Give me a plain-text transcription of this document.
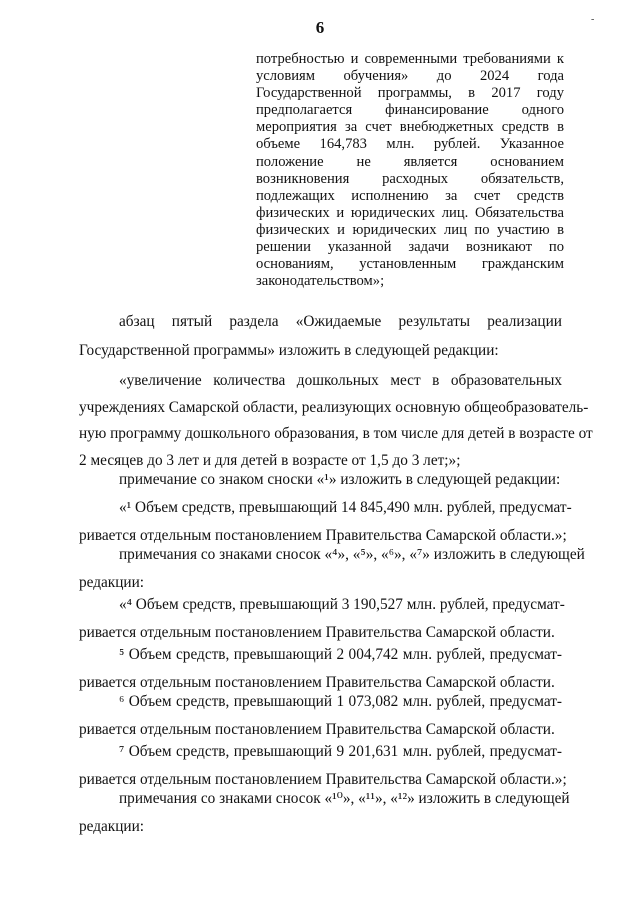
6	-
потребностью и современными требованиями к
условиям обучения» до 2024 года
Государственной программы, в 2017 году
предполагается финансирование одного
мероприятия за счет внебюджетных средств в
объеме 164,783 млн. рублей. Указанное
положение не является основанием
возникновения расходных обязательств,
подлежащих исполнению за счет средств
физических и юридических лиц. Обязательства
физических и юридических лиц по участию в
решении указанной задачи возникают по
основаниям, установленным гражданским
законодательством»;
абзац пятый раздела «Ожидаемые результаты реализации
Государственной программы» изложить в следующей редакции:
«увеличение количества дошкольных мест в образовательных
учреждениях Самарской области, реализующих основную общеобразователь-
ную программу дошкольного образования, в том числе для детей в возрасте от
2 месяцев до 3 лет и для детей в возрасте от 1,5 до 3 лет;»;
примечание со знаком сноски «¹» изложить в следующей редакции:
«¹ Объем средств, превышающий 14 845,490 млн. рублей, предусмат-
ривается отдельным постановлением Правительства Самарской области.»;
примечания со знаками сносок «⁴», «⁵», «⁶», «⁷» изложить в следующей
редакции:
«⁴ Объем средств, превышающий 3 190,527 млн. рублей, предусмат-
ривается отдельным постановлением Правительства Самарской области.
⁵ Объем средств, превышающий 2 004,742 млн. рублей, предусмат-
ривается отдельным постановлением Правительства Самарской области.
⁶ Объем средств, превышающий 1 073,082 млн. рублей, предусмат-
ривается отдельным постановлением Правительства Самарской области.
⁷ Объем средств, превышающий 9 201,631 млн. рублей, предусмат-
ривается отдельным постановлением Правительства Самарской области.»;
примечания со знаками сносок «¹⁰», «¹¹», «¹²» изложить в следующей
редакции:
